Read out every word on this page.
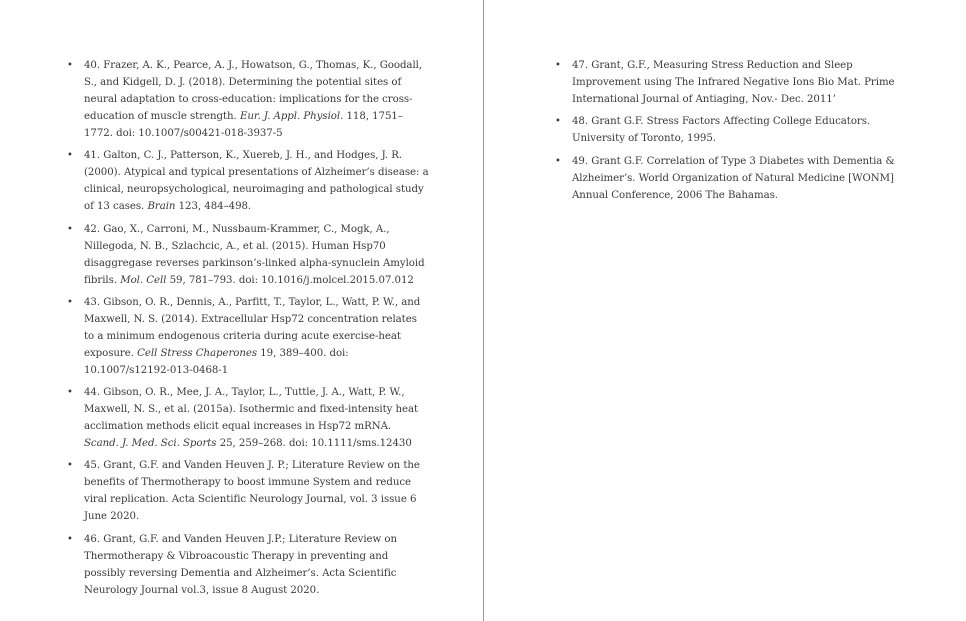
•	40. Frazer, A. K., Pearce, A. J., Howatson, G., Thomas, K., Goodall, S., and Kidgell, D. J. (2018). Determining the potential sites of neural adaptation to cross-education: implications for the cross-education of muscle strength. Eur. J. Appl. Physiol. 118, 1751–1772. doi: 10.1007/s00421-018-3937-5
•	41. Galton, C. J., Patterson, K., Xuereb, J. H., and Hodges, J. R. (2000). Atypical and typical presentations of Alzheimer’s disease: a clinical, neuropsychological, neuroimaging and pathological study of 13 cases. Brain 123, 484–498.
•	42. Gao, X., Carroni, M., Nussbaum-Krammer, C., Mogk, A., Nillegoda, N. B., Szlachcic, A., et al. (2015). Human Hsp70 disaggregase reverses parkinson’s-linked alpha-synuclein Amyloid fibrils. Mol. Cell 59, 781–793. doi: 10.1016/j.molcel.2015.07.012
•	43. Gibson, O. R., Dennis, A., Parfitt, T., Taylor, L., Watt, P. W., and Maxwell, N. S. (2014). Extracellular Hsp72 concentration relates to a minimum endogenous criteria during acute exercise-heat exposure. Cell Stress Chaperones 19, 389–400. doi: 10.1007/s12192-013-0468-1
•	44. Gibson, O. R., Mee, J. A., Taylor, L., Tuttle, J. A., Watt, P. W., Maxwell, N. S., et al. (2015a). Isothermic and fixed-intensity heat acclimation methods elicit equal increases in Hsp72 mRNA. Scand. J. Med. Sci. Sports 25, 259–268. doi: 10.1111/sms.12430
•	45. Grant, G.F. and Vanden Heuven J. P.; Literature Review on the benefits of Thermotherapy to boost immune System and reduce viral replication. Acta Scientific Neurology Journal, vol. 3 issue 6 June 2020.
•	46. Grant, G.F. and Vanden Heuven J.P.; Literature Review on Thermotherapy & Vibroacoustic Therapy in preventing and possibly reversing Dementia and Alzheimer’s. Acta Scientific Neurology Journal vol.3, issue 8 August 2020.
•	47. Grant, G.F., Measuring Stress Reduction and Sleep Improvement using The Infrared Negative Ions Bio Mat. Prime International Journal of Antiaging, Nov.- Dec. 2011’
•	48. Grant G.F. Stress Factors Affecting College Educators. University of Toronto, 1995.
•	49. Grant G.F. Correlation of Type 3 Diabetes with Dementia & Alzheimer’s. World Organization of Natural Medicine [WONM] Annual Conference, 2006 The Bahamas.
